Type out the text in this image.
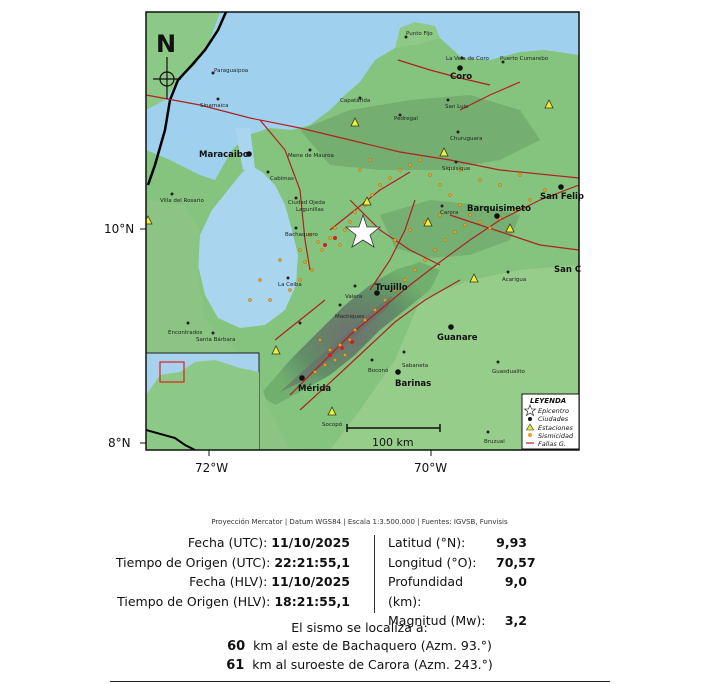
N
10°N
8°N
72°W	70°W
100 km
Maracaibo
Coro
Barquisimeto
San Felip
San C
Trujillo
Guanare
Mérida	Barinas
Punto Fijo
La Vela de Coro Puerto Cumarebo
Paraguaipoa
Sinamaica
Capatárida
Pedregal
San Luis
Churuguara
Siquisique
Mene de Mauroa
Cabimas
Villa del Rosario	Ciudad Ojeda
Lagunillas
Bachaquero
Carora
La Ceiba
Acarigua
Encontrados
Santa Bárbara
Sabaneta
Guasdualito
Bruzual
Socopó
Machiques
Valera
Boconó
LEYENDA
Epicentro
Ciudades
Estaciones
Sismicidad
Fallas G.
Proyección Mercator | Datum WGS84 | Escala 1:3.500.000 | Fuentes: IGVSB, Funvisis
Fecha (UTC): 11/10/2025
Tiempo de Origen (UTC): 22:21:55,1
Fecha (HLV): 11/10/2025
Tiempo de Origen (HLV): 18:21:55,1
Latitud (°N):	9,93
Longitud (°O):	70,57
Profundidad (km):
9,0
Magnitud (Mw):	3,2
El sismo se localiza a:
60 km al este de Bachaquero (Azm. 93.°)
61 km al suroeste de Carora (Azm. 243.°)
